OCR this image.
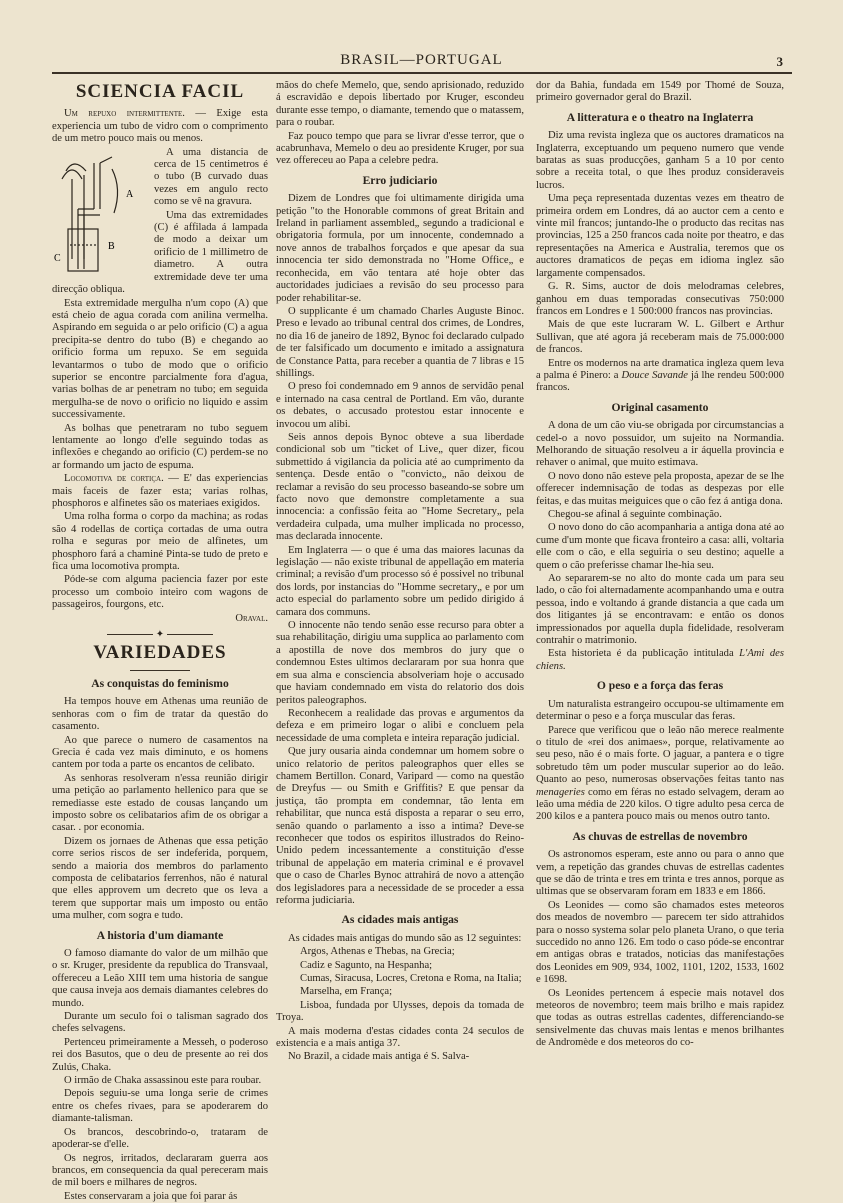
BRASIL—PORTUGAL	3
SCIENCIA FACIL

Um repuxo intermittente. — Exige esta experiencia um tubo de vidro com o comprimento de um metro pouco mais ou menos.

A
B
C

A uma distancia de cerca de 15 centimetros é o tubo (B curvado duas vezes em angulo recto como se vê na gravura.

Uma das extremidades (C) é affilada á lampada de modo a deixar um orificio de 1 millimetro de diametro. A outra extremidade deve ter uma direcção obliqua.

Esta extremidade mergulha n'um copo (A) que está cheio de agua corada com anilina vermelha. Aspirando em seguida o ar pelo orificio (C) a agua precipita-se dentro do tubo (B) e chegando ao orificio forma um repuxo. Se em seguida levantarmos o tubo de modo que o orificio superior se encontre parcialmente fora d'agua, varias bolhas de ar penetram no tubo; em seguida mergulha-se de novo o orificio no liquido e assim successivamente.

As bolhas que penetraram no tubo seguem lentamente ao longo d'elle seguindo todas as inflexões e chegando ao orificio (C) perdem-se no ar formando um jacto de espuma.

Locomotiva de cortiça. — E' das experiencias mais faceis de fazer esta; varias rolhas, phosphoros e alfinetes são os materiaes exigidos.

Uma rolha forma o corpo da machina; as rodas são 4 rodellas de cortiça cortadas de uma outra rolha e seguras por meio de alfinetes, um phosphoro fará a chaminé Pinta-se tudo de preto e fica uma locomotiva prompta.

Póde-se com alguma paciencia fazer por este processo um comboio inteiro com wagons de passageiros, fourgons, etc.

Oraval.

✦
VARIEDADES
As conquistas do feminismo

Ha tempos houve em Athenas uma reunião de senhoras com o fim de tratar da questão do casamento.

Ao que parece o numero de casamentos na Grecia é cada vez mais diminuto, e os homens cantem por toda a parte os encantos de celibato.

As senhoras resolveram n'essa reunião dirigir uma petição ao parlamento hellenico para que se remediasse este estado de cousas lançando um imposto sobre os celibatarios afim de os obrigar a casar. . por economia.

Dizem os jornaes de Athenas que essa petição corre serios riscos de ser indeferida, porquem, sendo a maioria dos membros do parlamento composta de celibatarios ferrenhos, não é natural que elles approvem um decreto que os leva a terem que supportar mais um imposto ou então uma mulher, com sogra e tudo.

A historia d'um diamante

O famoso diamante do valor de um milhão que o sr. Kruger, presidente da republica do Transvaal, offereceu a Leão XIII tem uma historia de sangue que causa inveja aos demais diamantes celebres do mundo.

Durante um seculo foi o talisman sagrado dos chefes selvagens.

Pertenceu primeiramente a Messeh, o poderoso rei dos Basutos, que o deu de presente ao rei dos Zulús, Chaka.

O irmão de Chaka assassinou este para roubar.

Depois seguiu-se uma longa serie de crimes entre os chefes rivaes, para se apoderarem do diamante-talisman.

Os brancos, descobrindo-o, trataram de apoderar-se d'elle.

Os negros, irritados, declararam guerra aos brancos, em consequencia da qual pereceram mais de mil boers e milhares de negros.

Estes conservaram a joia que foi parar ás

mãos do chefe Memelo, que, sendo aprisionado, reduzido á escravidão e depois libertado por Kruger, escondeu durante esse tempo, o diamante, temendo que o matassem, para o roubar.

Faz pouco tempo que para se livrar d'esse terror, que o acabrunhava, Memelo o deu ao presidente Kruger, por sua vez offereceu ao Papa a celebre pedra.

Erro judiciario

Dizem de Londres que foi ultimamente dirigida uma petição "to the Honorable commons of great Britain and Ireland in parliament assembled„ segundo a tradicional e obrigatoria formula, por um innocente, condemnado a nove annos de trabalhos forçados e que apesar da sua innocencia ter sido demonstrada no "Home Office„ e reconhecida, em vão tentara até hoje obter das auctoridades judiciaes a revisão do seu processo para poder rehabilitar-se.

O supplicante é um chamado Charles Auguste Binoc. Preso e levado ao tribunal central dos crimes, de Londres, no dia 16 de janeiro de 1892, Bynoc foi declarado culpado de ter falsificado um documento e imitado a assignatura de Constance Patta, para receber a quantia de 7 libras e 15 shillings.

O preso foi condemnado em 9 annos de servidão penal e internado na casa central de Portland. Em vão, durante os debates, o accusado protestou estar innocente e invocou um alibi.

Seis annos depois Bynoc obteve a sua liberdade condicional sob um "ticket of Live„ quer dizer, ficou submettido á vigilancia da policia até ao cumprimento da sentença. Desde então o "convicto„ não deixou de reclamar a revisão do seu processo baseando-se sobre um facto novo que demonstre completamente a sua innocencia: a confissão feita ao "Home Secretary„ pela verdadeira culpada, uma mulher implicada no processo, mas declarada innocente.

Em Inglaterra — o que é uma das maiores lacunas da legislação — não existe tribunal de appellação em materia criminal; a revisão d'um processo só é possivel no tribunal dos lords, por instancias do "Homme secretary„ e por um acto especial do parlamento sobre um pedido dirigido á camara dos communs.

O innocente não tendo senão esse recurso para obter a sua rehabilitação, dirigiu uma supplica ao parlamento com a apostilla de nove dos membros do jury que o condemnou Estes ultimos declararam por sua honra que em sua alma e consciencia absolveriam hoje o accusado que haviam condemnado em vista do relatorio dos dois peritos paleographos.

Reconhecem a realidade das provas e argumentos da defeza e em primeiro logar o alibi e concluem pela necessidade de uma completa e inteira reparação judicial.

Que jury ousaria ainda condemnar um homem sobre o unico relatorio de peritos paleographos quer elles se chamem Bertillon. Conard, Varipard — como na questão de Dreyfus — ou Smith e Griffitis? E que pensar da justiça, tão prompta em condemnar, tão lenta em rehabilitar, que nunca está disposta a reparar o seu erro, senão quando o parlamento a isso a intima? Deve-se reconhecer que todos os espiritos illustrados do Reino-Unido pedem incessantemente a constituição d'esse tribunal de appelação em materia criminal e é provavel que o caso de Charles Bynoc attrahirá de novo a attenção dos legisladores para a necessidade de se proceder a essa reforma judiciaria.

As cidades mais antigas

As cidades mais antigas do mundo são as 12 seguintes:

Argos, Athenas e Thebas, na Grecia;

Cadiz e Sagunto, na Hespanha;

Cumas, Siracusa, Locres, Cretona e Roma, na Italia;

Marselha, em França;

Lisboa, fundada por Ulysses, depois da tomada de Troya.

A mais moderna d'estas cidades conta 24 seculos de existencia e a mais antiga 37.

No Brazil, a cidade mais antiga é S. Salva-

dor da Bahia, fundada em 1549 por Thomé de Souza, primeiro governador geral do Brazil.

A litteratura e o theatro na Inglaterra

Diz uma revista ingleza que os auctores dramaticos na Inglaterra, exceptuando um pequeno numero que vende baratas as suas producções, ganham 5 a 10 por cento sobre a receita total, o que lhes produz consideraveis lucros.

Uma peça representada duzentas vezes em theatro de primeira ordem em Londres, dá ao auctor cem a cento e vinte mil francos; juntando-lhe o producto das recitas nas provincias, 125 a 250 francos cada noite por theatro, e das representações na America e Australia, teremos que os auctores dramaticos de peças em idioma inglez são largamente compensados.

G. R. Sims, auctor de dois melodramas celebres, ganhou em duas temporadas consecutivas 750:000 francos em Londres e 1 500:000 francos nas provincias.

Mais de que este lucraram W. L. Gilbert e Arthur Sullivan, que até agora já receberam mais de 75.000:000 de francos.

Entre os modernos na arte dramatica ingleza quem leva a palma é Pinero: a Douce Savande já lhe rendeu 500:000 francos.

Original casamento

A dona de um cão viu-se obrigada por circumstancias a cedel-o a novo possuidor, um sujeito na Normandia. Melhorando de situação resolveu a ir áquella provincia e rehaver o animal, que muito estimava.

O novo dono não esteve pela proposta, apezar de se lhe offerecer indemnisação de todas as despezas por elle feitas, e das muitas meiguices que o cão fez á antiga dona.

Chegou-se afinal á seguinte combinação.

O novo dono do cão acompanharia a antiga dona até ao cume d'um monte que ficava fronteiro a casa: alli, voltaria elle com o cão, e ella seguiria o seu destino; aquelle a quem o cão preferisse chamar lhe-hia seu.

Ao separarem-se no alto do monte cada um para seu lado, o cão foi alternadamente acompanhando uma e outra pessoa, indo e voltando á grande distancia a que cada um dos litigantes já se encontravam: e então os donos impressionados por aquella dupla fidelidade, resolveram contrahir o matrimonio.

Esta historieta é da publicação intitulada L'Ami des chiens.

O peso e a força das feras

Um naturalista estrangeiro occupou-se ultimamente em determinar o peso e a força muscular das feras.

Parece que verificou que o leão não merece realmente o titulo de «rei dos animaes», porque, relativamente ao seu peso, não é o mais forte. O jaguar, a pantera e o tigre sobretudo têm um poder muscular superior ao do leão. Quanto ao peso, numerosas observações feitas tanto nas menageries como em féras no estado selvagem, deram ao leão uma média de 220 kilos. O tigre adulto pesa cerca de 200 kilos e a pantera pouco mais ou menos outro tanto.

As chuvas de estrellas de novembro

Os astronomos esperam, este anno ou para o anno que vem, a repetição das grandes chuvas de estrellas cadentes que se dão de trinta e tres em trinta e tres annos, porque as ultimas que se observaram foram em 1833 e em 1866.

Os Leonides — como são chamados estes meteoros dos meados de novembro — parecem ter sido attrahidos para o nosso systema solar pelo planeta Urano, o que teria succedido no anno 126. Em todo o caso póde-se encontrar em antigas obras e tratados, noticias das manifestações dos Leonides em 909, 934, 1002, 1101, 1202, 1533, 1602 e 1698.

Os Leonides pertencem á especie mais notavel dos meteoros de novembro; teem mais brilho e mais rapidez que todas as outras estrellas cadentes, differenciando-se sensivelmente das chuvas mais lentas e menos brilhantes de Andromède e dos meteoros do co-
